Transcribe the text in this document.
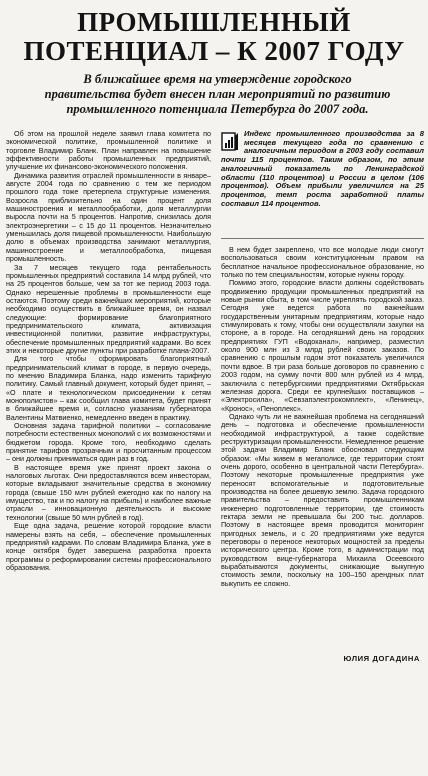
ПРОМЫШЛЕННЫЙ
ПОТЕНЦИАЛ – К 2007 ГОДУ

В ближайшее время на утверждение городского правительства будет внесен план мероприятий по развитию промышленного потенциала Петербурга до 2007 года.

Об этом на прошлой неделе заявил глава комитета по экономической политике, промышленной политике и торговле Владимир Бланк. План направлен на повышение эффективности работы промышленных предприятий, улучшение их финансово-экономического положения.

Динамика развития отраслей промышленности в январе–августе 2004 года по сравнению с тем же периодом прошлого года тоже претерпела структурные изменения. Возросла приблизительно на один процент доля машиностроения и металлообработки, доля металлургии выросла почти на 5 процентов. Напротив, снизилась доля электроэнергетики – с 15 до 11 процентов. Незначительно уменьшилась доля пищевой промышленности. Наибольшую долю в объемах производства занимают металлургия, машиностроение и металлообработка, пищевая промышленность.

За 7 месяцев текущего года рентабельность промышленных предприятий составила 14 млрд рублей, что на 25 процентов больше, чем за тот же период 2003 года. Однако нерешенные проблемы в промышленности еще остаются. Поэтому среди важнейших мероприятий, которые необходимо осуществить в ближайшее время, он назвал следующие: формирование благоприятного предпринимательского климата, активизация инвестиционной политики, развитие инфраструктуры, обеспечение промышленных предприятий кадрами. Во всех этих и некоторые другие пункты при разработке плана-2007.

Для того чтобы сформировать благоприятный предпринимательский климат в городе, в первую очередь, по мнению Владимира Бланка, надо изменить тарифную политику. Самый главный документ, который будет принят, – «О плате и технологическом присоединении к сетям монополистов» – как сообщил глава комитета, будет принят в ближайшее время и, согласно указаниям губернатора Валентины Матвиенко, немедленно введен в практику.

Основная задача тарифной политики – согласование потребности естественных монополий с их возможностями и бюджетом города. Кроме того, необходимо сделать принятие тарифов прозрачным и просчитанным процессом – они должны приниматься один раз в год.

В настоящее время уже принят проект закона о налоговых льготах. Они предоставляются всем инвесторам, которые вкладывают значительные средства в экономику города (свыше 150 млн рублей ежегодно как по налогу на имущество, так и по налогу на прибыль) и наиболее важные отрасли – инновационную деятельность и высокие технологии (свыше 50 млн рублей в год).

Еще одна задача, решение которой городские власти намерены взять на себя, – обеспечение промышленных предприятий кадрами. По словам Владимира Бланка, уже в конце октября будет завершена разработка проекта программы о реформировании системы профессионального образования.

Индекс промышленного производства за 8 месяцев текущего года по сравнению с аналогичным периодом в 2003 году составил почти 115 процентов. Таким образом, по этим аналогичный показатель по Ленинградской области (110 процентов) и России в целом (106 процентов). Объем прибыли увеличился на 25 процентов, темп роста заработной платы составил 114 процентов.

В нем будет закреплено, что все молодые люди смогут воспользоваться своим конституционным правом на бесплатное начальное профессиональное образование, но только по тем специальностям, которые нужны городу.

Помимо этого, городские власти должны содействовать продвижению продукции промышленных предприятий на новые рынки сбыта, в том числе укреплять городской заказ. Сегодня уже ведется работа по важнейшим государственным унитарным предприятиям, которые надо стимулировать к тому, чтобы они осуществляли закупки на стороне, а в городе. На сегодняшний день на городских предприятиях ГУП «Водоканал», например, разместил около 900 млн из 3 млрд рублей своих заказов. По сравнению с прошлым годом этот показатель увеличился почти вдвое. В три раза больше договоров по сравнению с 2003 годом, на сумму почти 800 млн рублей из 4 млрд, заключила с петербургскими предприятиями Октябрьская железная дорога. Среди ее крупнейших поставщиков – «Электросила», «Севзапэлектрокомплект», «Ленинец», «Кронос», «Пеноплекс».

Однако чуть ли не важнейшая проблема на сегодняшний день – подготовка и обеспечение промышленности необходимой инфраструктурой, а также содействие реструктуризации промышленности. Немедленное решение этой задачи Владимир Бланк обосновал следующим образом: «Мы живем в мегаполисе, где территории стоят очень дорого, особенно в центральной части Петербурга». Поэтому некоторые промышленные предприятия уже переносят вспомогательные и подготовительные производства на более дешевую землю. Задача городского правительства – предоставить промышленникам инженерно подготовленные территории, где стоимость гектара земли не превышала бы 200 тыс. долларов. Поэтому в настоящее время проводится мониторинг пригодных земель, и с 20 предприятиями уже ведутся переговоры о переносе некоторых мощностей за пределы исторического центра. Кроме того, в администрации под руководством вице-губернатора Михаила Осеевского вырабатываются документы, снижающие выкупную стоимость земли, поскольку на 100–150 арендных плат выкупить ее сложно.

ЮЛИЯ ДОГАДИНА
